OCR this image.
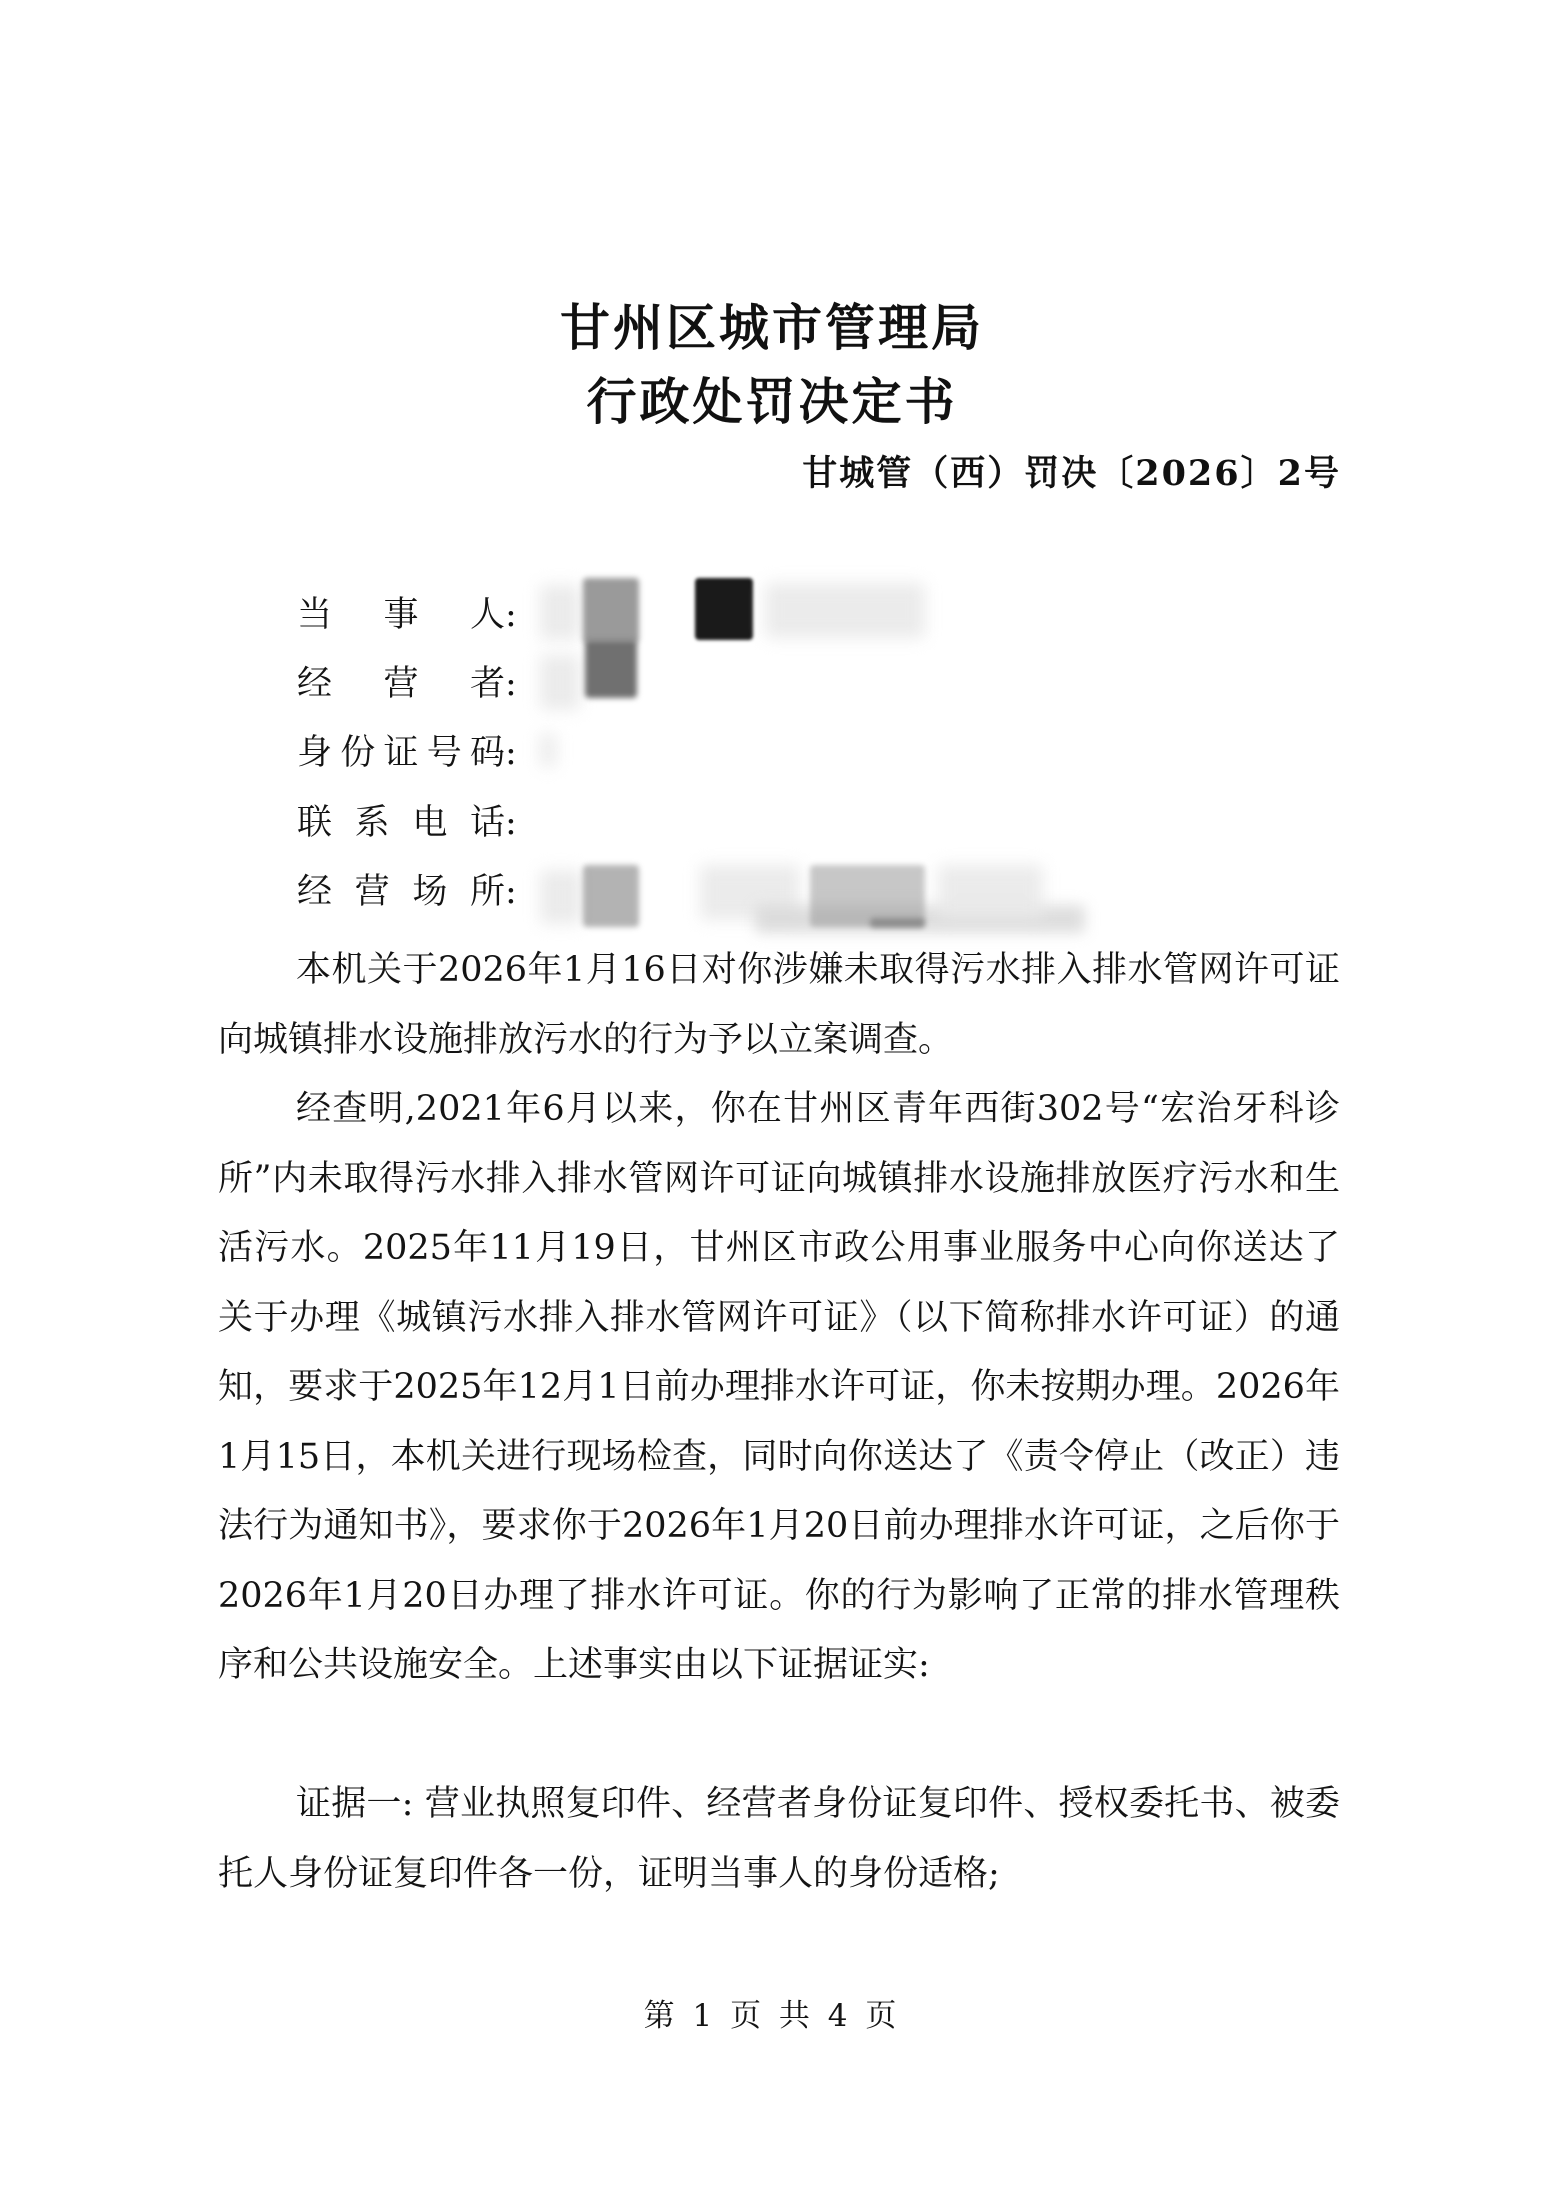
甘州区城市管理局
行政处罚决定书
甘城管（西）罚决〔2026〕2号
当事人:
经营者:
身份证号码:
联系电话:
经营场所:

本机关于2026年1月16日对你涉嫌未取得污水排入排水管网许可证向城镇排水设施排放污水的行为予以立案调查。

经查明,2021年6月以来，你在甘州区青年西街302号“宏治牙科诊所”内未取得污水排入排水管网许可证向城镇排水设施排放医疗污水和生活污水。2025年11月19日，甘州区市政公用事业服务中心向你送达了关于办理《城镇污水排入排水管网许可证》（以下简称排水许可证）的通知，要求于2025年12月1日前办理排水许可证，你未按期办理。2026年1月15日，本机关进行现场检查，同时向你送达了《责令停止（改正）违法行为通知书》，要求你于2026年1月20日前办理排水许可证，之后你于2026年1月20日办理了排水许可证。你的行为影响了正常的排水管理秩序和公共设施安全。上述事实由以下证据证实:

证据一: 营业执照复印件、经营者身份证复印件、授权委托书、被委托人身份证复印件各一份，证明当事人的身份适格;

第 1 页 共 4 页
